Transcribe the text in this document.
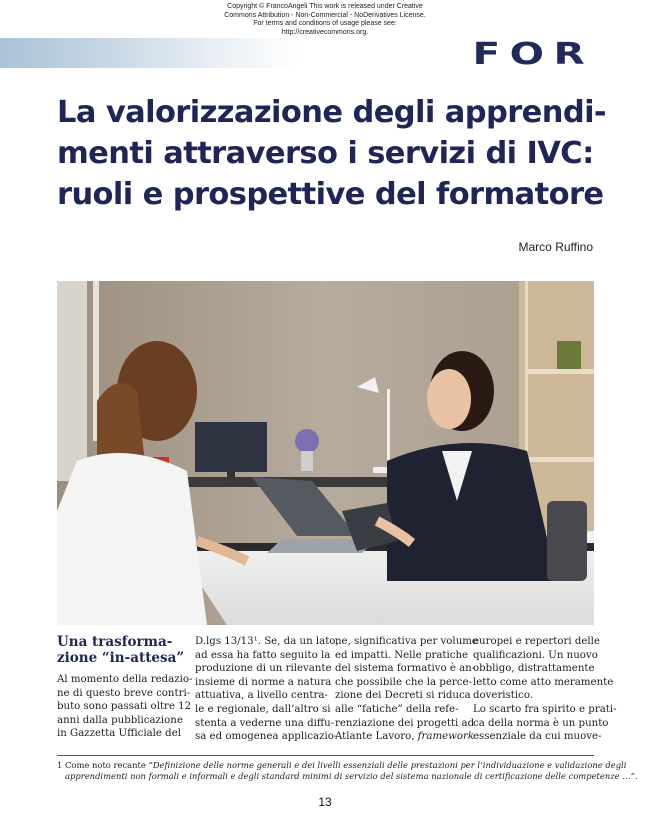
Copyright © FrancoAngeli This work is released under Creative
Commons Attribution - Non-Commercial - NoDerivatives License.
For terms and conditions of usage please see:
http://creativecommons.org.
FOR
La valorizzazione degli apprendi-
menti attraverso i servizi di IVC:
ruoli e prospettive del formatore
Marco Ruffino
Una trasforma-
zione “in-attesa”
Al momento della redazio-
ne di questo breve contri-
buto sono passati oltre 12
anni dalla pubblicazione
in Gazzetta Ufficiale del
D.lgs 13/13¹. Se, da un lato,
ad essa ha fatto seguito la
produzione di un rilevante
insieme di norme a natura
attuativa, a livello centra-
le e regionale, dall’altro si
stenta a vederne una diffu-
sa ed omogenea applicazio-
ne, significativa per volume
ed impatti. Nelle pratiche
del sistema formativo è an-
che possibile che la perce-
zione dei Decreti si riduca
alle “fatiche” della refe-
renziazione dei progetti ad
Atlante Lavoro, framework
europei e repertori delle
qualificazioni. Un nuovo
obbligo, distrattamente
letto come atto meramente
doveristico.
Lo scarto fra spirito e prati-
ca della norma è un punto
essenziale da cui muove-
1 Come noto recante “Definizione delle norme generali e dei livelli essenziali delle prestazioni per l’individuazione e validazione degli
apprendimenti non formali e informali e degli standard minimi di servizio del sistema nazionale di certificazione delle competenze …”.
13
